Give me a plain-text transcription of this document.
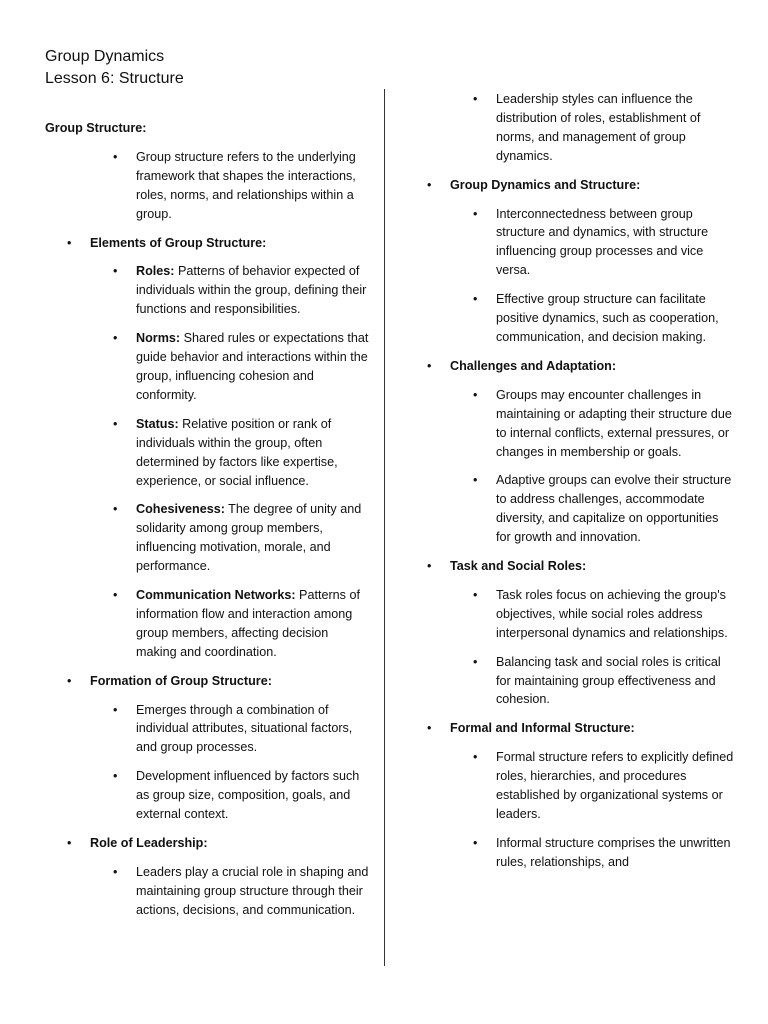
Group Dynamics
Lesson 6: Structure
Group Structure:
• Group structure refers to the underlying framework that shapes the interactions, roles, norms, and relationships within a group.
• Elements of Group Structure:
• Roles: Patterns of behavior expected of individuals within the group, defining their functions and responsibilities.
• Norms: Shared rules or expectations that guide behavior and interactions within the group, influencing cohesion and conformity.
• Status: Relative position or rank of individuals within the group, often determined by factors like expertise, experience, or social influence.
• Cohesiveness: The degree of unity and solidarity among group members, influencing motivation, morale, and performance.
• Communication Networks: Patterns of information flow and interaction among group members, affecting decision making and coordination.
• Formation of Group Structure:
• Emerges through a combination of individual attributes, situational factors, and group processes.
• Development influenced by factors such as group size, composition, goals, and external context.
• Role of Leadership:
• Leaders play a crucial role in shaping and maintaining group structure through their actions, decisions, and communication.
• Leadership styles can influence the distribution of roles, establishment of norms, and management of group dynamics.
• Group Dynamics and Structure:
• Interconnectedness between group structure and dynamics, with structure influencing group processes and vice versa.
• Effective group structure can facilitate positive dynamics, such as cooperation, communication, and decision making.
• Challenges and Adaptation:
• Groups may encounter challenges in maintaining or adapting their structure due to internal conflicts, external pressures, or changes in membership or goals.
• Adaptive groups can evolve their structure to address challenges, accommodate diversity, and capitalize on opportunities for growth and innovation.
• Task and Social Roles:
• Task roles focus on achieving the group's objectives, while social roles address interpersonal dynamics and relationships.
• Balancing task and social roles is critical for maintaining group effectiveness and cohesion.
• Formal and Informal Structure:
• Formal structure refers to explicitly defined roles, hierarchies, and procedures established by organizational systems or leaders.
• Informal structure comprises the unwritten rules, relationships, and
